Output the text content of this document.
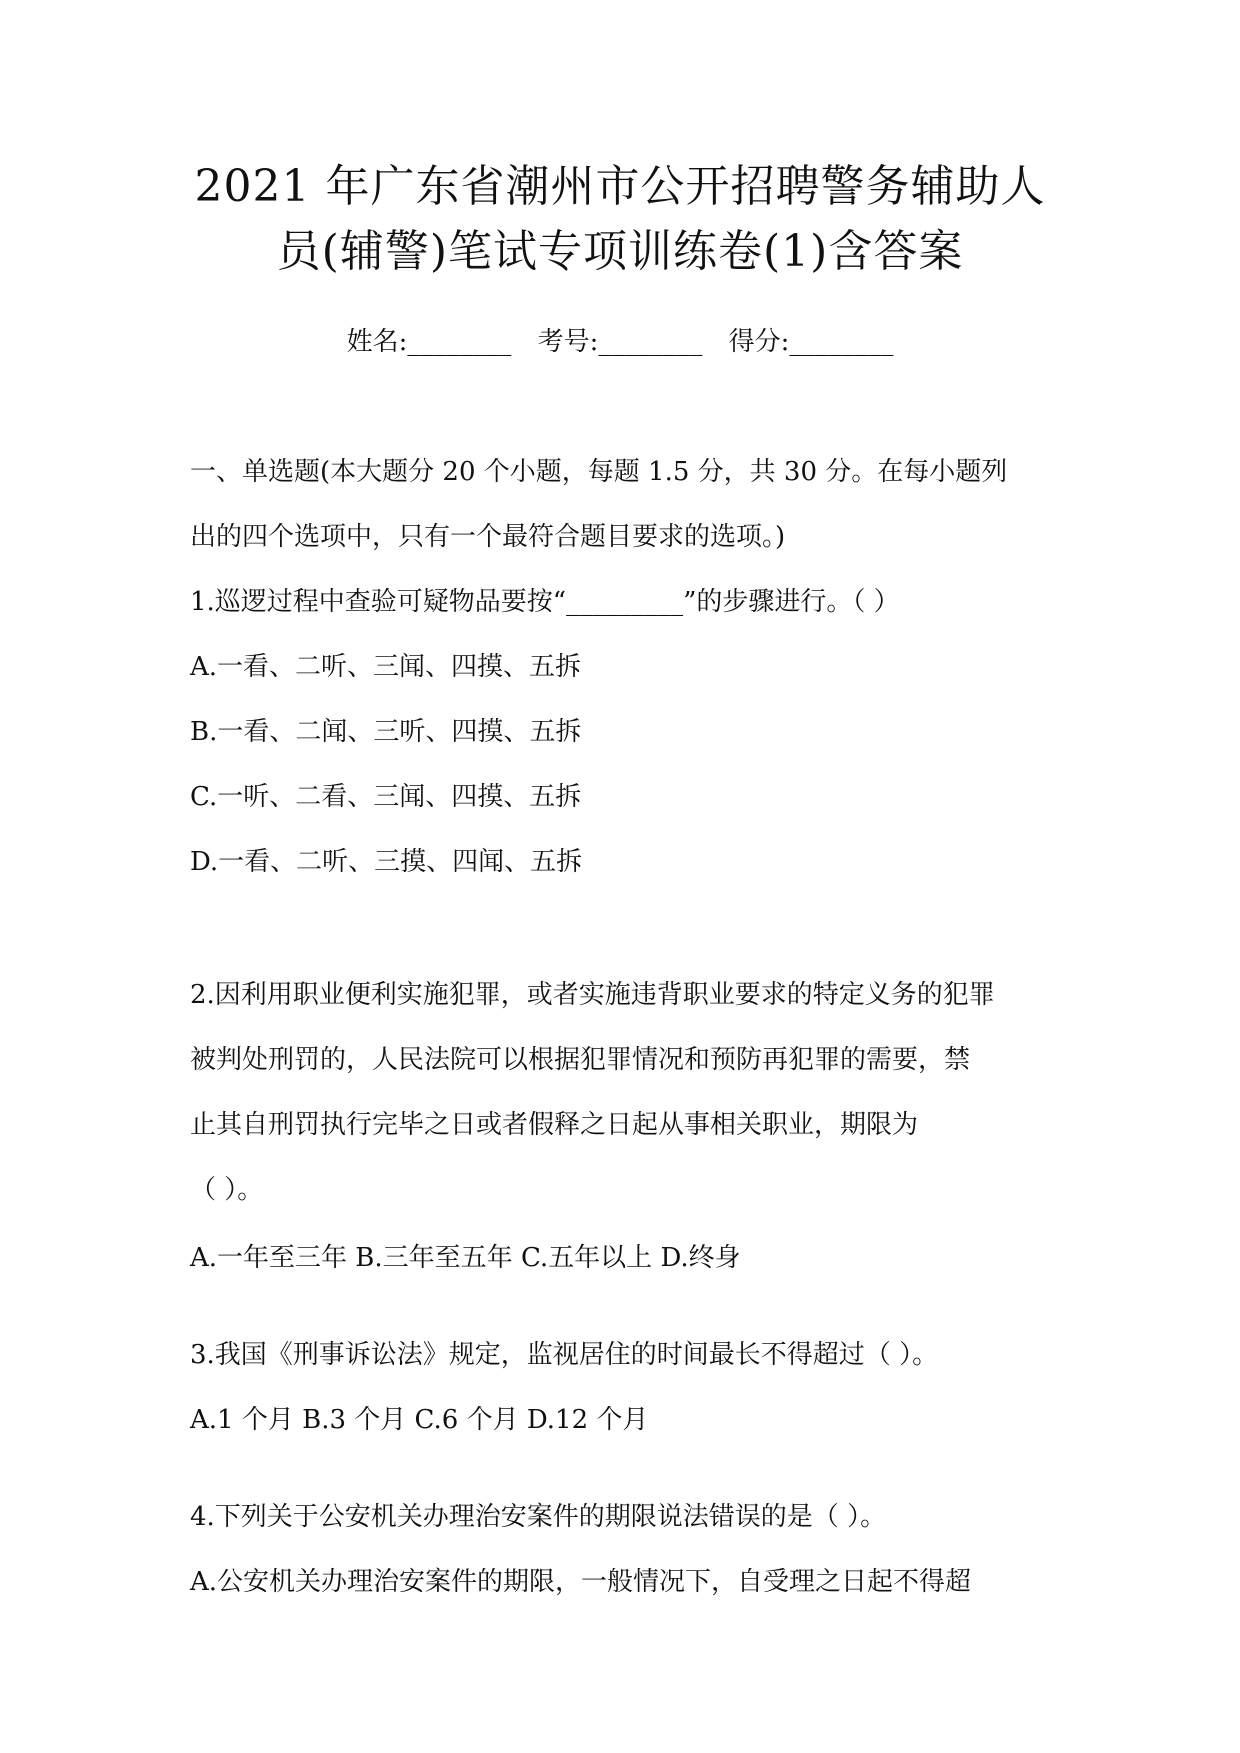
2021 年广东省潮州市公开招聘警务辅助人
员(辅警)笔试专项训练卷(1)含答案
姓名:________ 考号:________ 得分:________
一、单选题(本大题分 20 个小题，每题 1.5 分，共 30 分。在每小题列
出的四个选项中，只有一个最符合题目要求的选项。)
1.巡逻过程中查验可疑物品要按“_________”的步骤进行。（ ）
A.一看、二听、三闻、四摸、五拆
B.一看、二闻、三听、四摸、五拆
C.一听、二看、三闻、四摸、五拆
D.一看、二听、三摸、四闻、五拆
2.因利用职业便利实施犯罪，或者实施违背职业要求的特定义务的犯罪
被判处刑罚的，人民法院可以根据犯罪情况和预防再犯罪的需要，禁
止其自刑罚执行完毕之日或者假释之日起从事相关职业，期限为
（ ）。
A.一年至三年 B.三年至五年 C.五年以上 D.终身
3.我国《刑事诉讼法》规定，监视居住的时间最长不得超过（ ）。
A.1 个月 B.3 个月 C.6 个月 D.12 个月
4.下列关于公安机关办理治安案件的期限说法错误的是（ ）。
A.公安机关办理治安案件的期限，一般情况下，自受理之日起不得超
